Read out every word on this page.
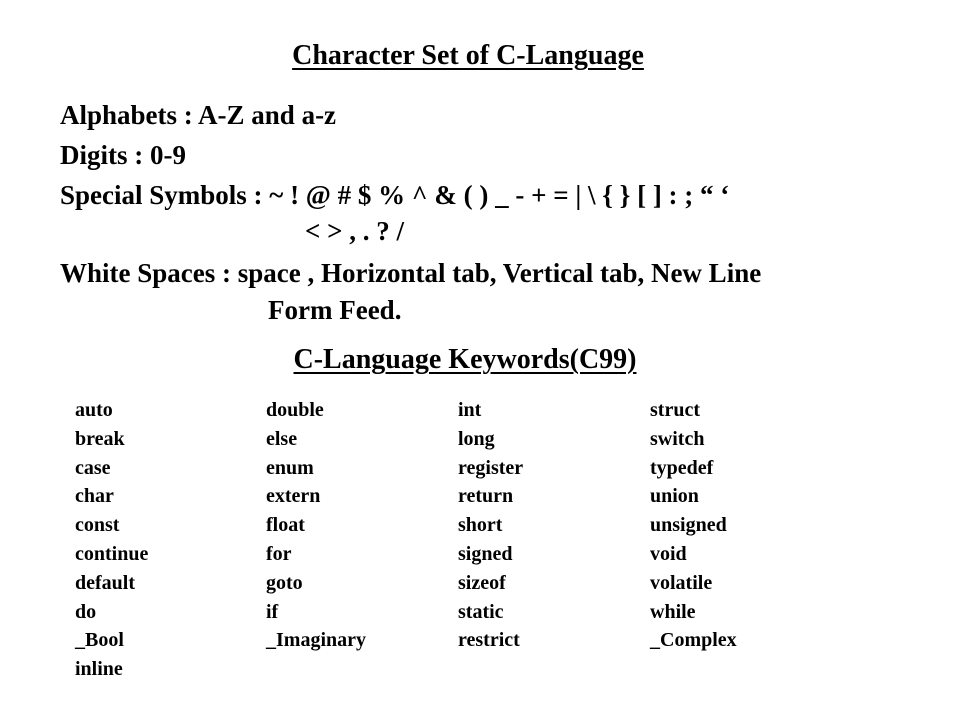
Character Set of C-Language
Alphabets : A-Z and a-z
Digits : 0-9
Special Symbols : ~ ! @ # $ % ^ & ( ) _ - + = | \ { } [ ] : ; “ ‘
< > , . ? /
White Spaces : space , Horizontal tab, Vertical tab, New Line
Form Feed.
C-Language Keywords(C99)
auto
break
case
char
const
continue
default
do
_Bool
inline
double
else
enum
extern
float
for
goto
if
_Imaginary
int
long
register
return
short
signed
sizeof
static
restrict
struct
switch
typedef
union
unsigned
void
volatile
while
_Complex
